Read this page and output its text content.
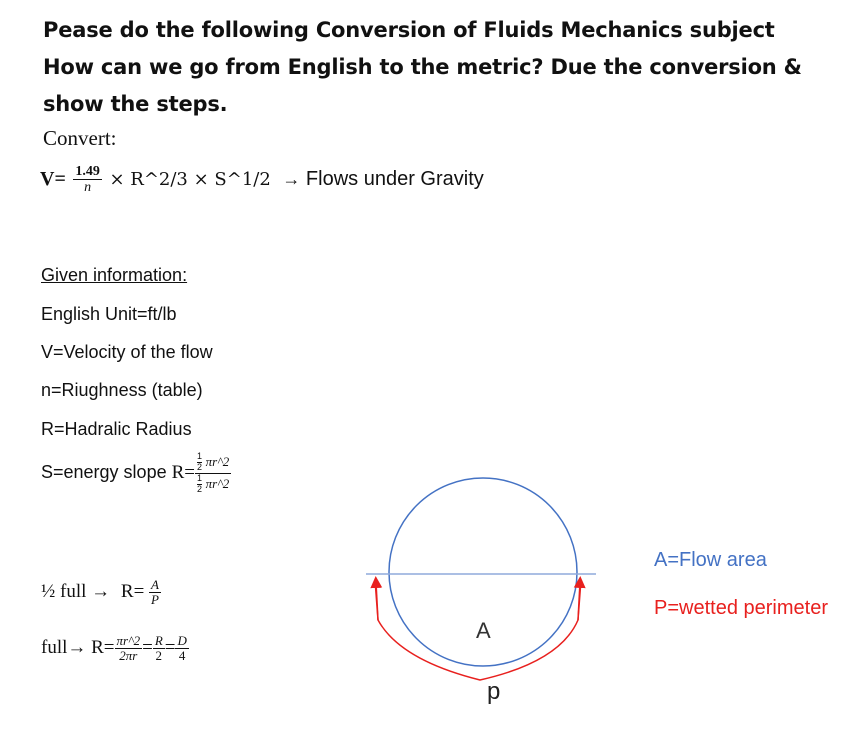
Pease do the following Conversion of Fluids Mechanics subject
How can we go from English to the metric? Due the conversion &
show the steps.
Convert:
$V= \frac{1.49}{n}$ × R^2/3 × S^1/2 → Flows under Gravity
Given information:
English Unit=ft/lb
V=Velocity of the flow
n=Riughness (table)
R=Hadralic Radius
S=energy slope $R= \frac{\frac{1}{2} \pi r\^{}2}{\frac{1}{2} \pi r\^{}2}$
½ full → $R= \frac{A}{P}$
full→ $R= \frac{\pi r\^{}2}{2\pi r} = \frac{R}{2} = \frac{D}{4}$
A
p
A=Flow area
P=wetted perimeter
